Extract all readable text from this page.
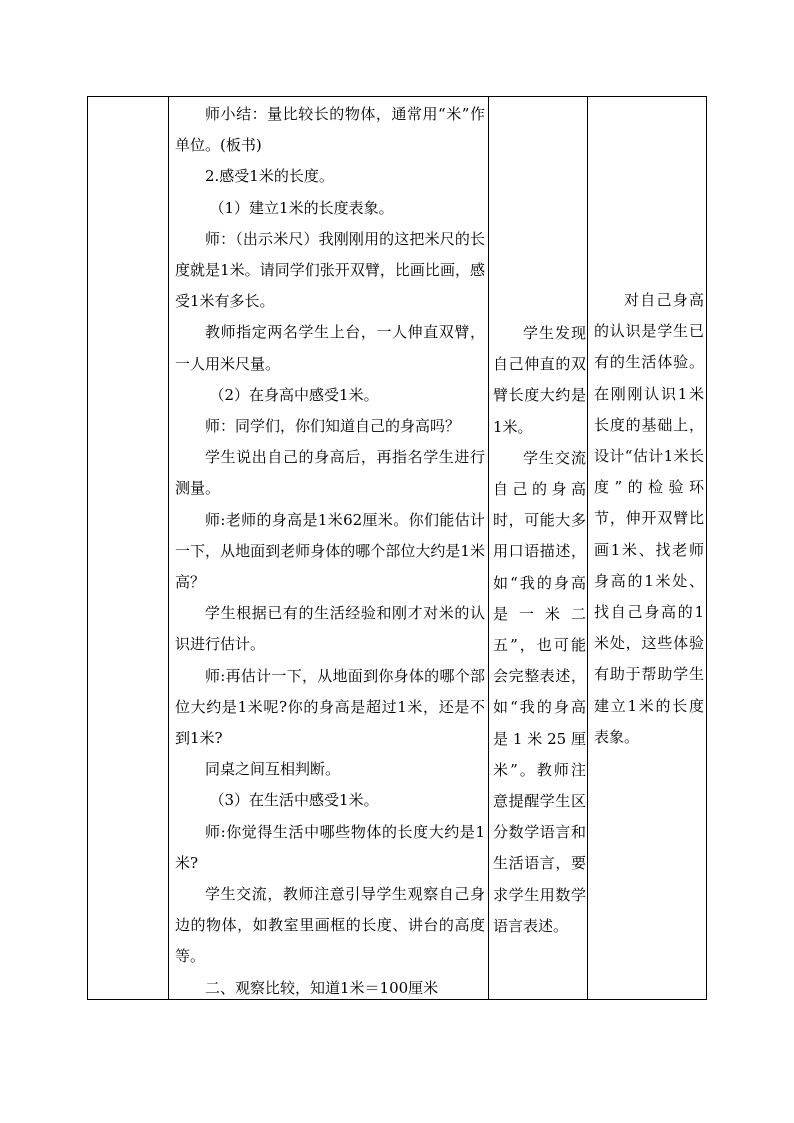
师小结：量比较长的物体，通常用“米”作单位。(板书)

2.感受1米的长度。

（1）建立1米的长度表象。

师：（出示米尺）我刚刚用的这把米尺的长度就是1米。请同学们张开双臂，比画比画，感受1米有多长。

教师指定两名学生上台，一人伸直双臂，一人用米尺量。

（2）在身高中感受1米。

师：同学们，你们知道自己的身高吗？

学生说出自己的身高后，再指名学生进行测量。

师:老师的身高是1米62厘米。你们能估计一下，从地面到老师身体的哪个部位大约是1米高？

学生根据已有的生活经验和刚才对米的认识进行估计。

师:再估计一下，从地面到你身体的哪个部位大约是1米呢?你的身高是超过1米，还是不到1米?

同桌之间互相判断。

（3）在生活中感受1米。

师:你觉得生活中哪些物体的长度大约是1米?

学生交流，教师注意引导学生观察自己身边的物体，如教室里画框的长度、讲台的高度等。

二、观察比较，知道1米＝100厘米

学生发现自己伸直的双臂长度大约是1米。

学生交流自己的身高时，可能大多用口语描述，如“我的身高是一米二五”，也可能会完整表述，如“我的身高是1米25厘米”。教师注意提醒学生区分数学语言和生活语言，要求学生用数学语言表述。

对自己身高的认识是学生已有的生活体验。在刚刚认识1米长度的基础上，设计“估计1米长度”的检验环节，伸开双臂比画1米、找老师身高的1米处、找自己身高的1米处，这些体验有助于帮助学生建立1米的长度表象。
